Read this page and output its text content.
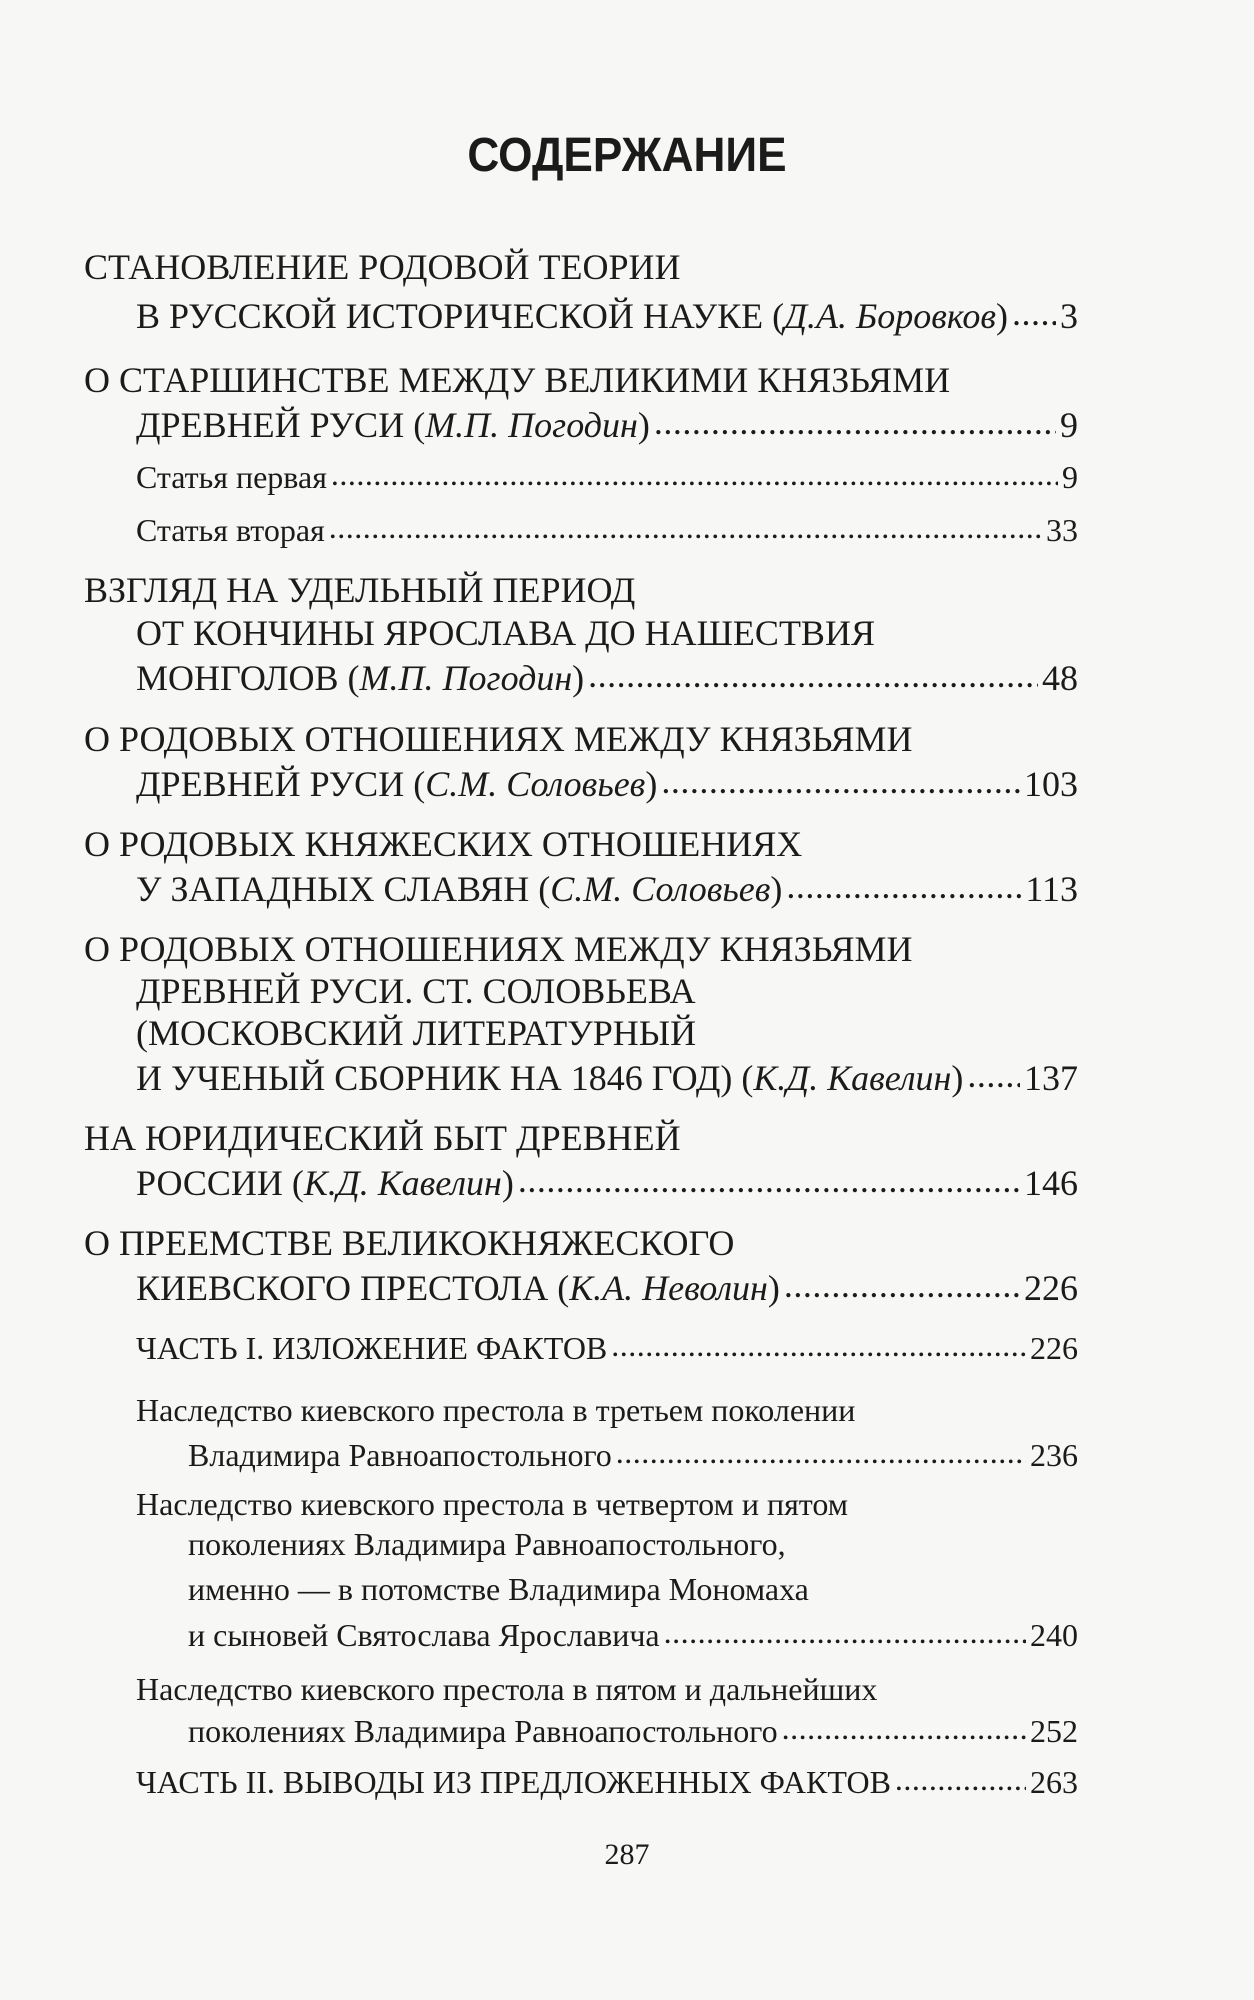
СОДЕРЖАНИЕ
СТАНОВЛЕНИЕ РОДОВОЙ ТЕОРИИ
В РУССКОЙ ИСТОРИЧЕСКОЙ НАУКЕ ( Д.А. Боровков ) ..... 3
О СТАРШИНСТВЕ МЕЖДУ ВЕЛИКИМИ КНЯЗЬЯМИ
ДРЕВНЕЙ РУСИ ( М.П. Погодин ) .....	9
Статья первая .....	9
Статья вторая .....	33
ВЗГЛЯД НА УДЕЛЬНЫЙ ПЕРИОД
ОТ КОНЧИНЫ ЯРОСЛАВА ДО НАШЕСТВИЯ
МОНГОЛОВ ( М.П. Погодин ) .....	48
О РОДОВЫХ ОТНОШЕНИЯХ МЕЖДУ КНЯЗЬЯМИ
ДРЕВНЕЙ РУСИ ( С.М. Соловьев ) .....	103
О РОДОВЫХ КНЯЖЕСКИХ ОТНОШЕНИЯХ
У ЗАПАДНЫХ СЛАВЯН ( С.М. Соловьев ) .....	113
О РОДОВЫХ ОТНОШЕНИЯХ МЕЖДУ КНЯЗЬЯМИ
ДРЕВНЕЙ РУСИ. СТ. СОЛОВЬЕВА
(МОСКОВСКИЙ ЛИТЕРАТУРНЫЙ
И УЧЕНЫЙ СБОРНИК НА 1846 ГОД) ( К.Д. Кавелин ) ..... 137
НА ЮРИДИЧЕСКИЙ БЫТ ДРЕВНЕЙ
РОССИИ ( К.Д. Кавелин ) .....	146
О ПРЕЕМСТВЕ ВЕЛИКОКНЯЖЕСКОГО
КИЕВСКОГО ПРЕСТОЛА ( К.А. Неволин ) .....	226
ЧАСТЬ I. ИЗЛОЖЕНИЕ ФАКТОВ .....	226
Наследство киевского престола в третьем поколении
Владимира Равноапостольного .....	236
Наследство киевского престола в четвертом и пятом
поколениях Владимира Равноапостольного,
именно — в потомстве Владимира Мономаха
и сыновей Святослава Ярославича .....	240
Наследство киевского престола в пятом и дальнейших
поколениях Владимира Равноапостольного .....	252
ЧАСТЬ II. ВЫВОДЫ ИЗ ПРЕДЛОЖЕННЫХ ФАКТОВ .....	263
287
